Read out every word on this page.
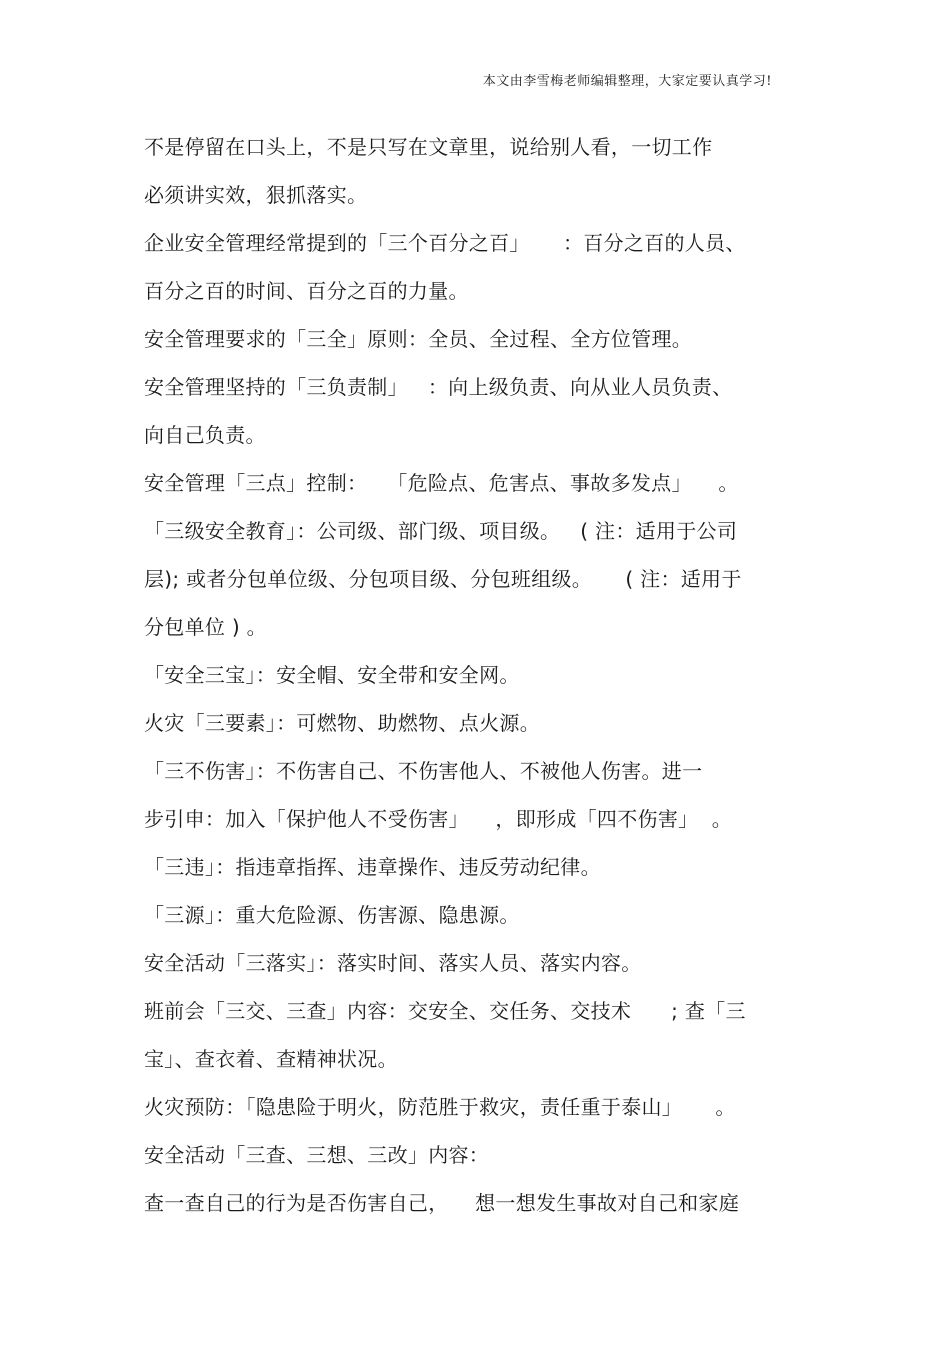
本文由李雪梅老师编辑整理，大家定要认真学习!
不是停留在口头上，不是只写在文章里，说给别人看，一切工作
必须讲实效，狠抓落实。
企业安全管理经常提到的「三个百分之百」     ：百分之百的人员、
百分之百的时间、百分之百的力量。
安全管理要求的「三全」原则：全员、全过程、全方位管理。
安全管理坚持的「三负责制」   ：向上级负责、向从业人员负责、
向自己负责。
安全管理「三点」控制：   「危险点、危害点、事故多发点」    。
「三级安全教育」：公司级、部门级、项目级。   ( 注：适用于公司
层); 或者分包单位级、分包项目级、分包班组级。     ( 注：适用于
分包单位 ) 。
「安全三宝」：安全帽、安全带和安全网。
火灾「三要素」：可燃物、助燃物、点火源。
「三不伤害」：不伤害自己、不伤害他人、不被他人伤害。进一
步引申：加入「保护他人不受伤害」    ，即形成「四不伤害」  。
「三违」：指违章指挥、违章操作、违反劳动纪律。
「三源」：重大危险源、伤害源、隐患源。
安全活动「三落实」：落实时间、落实人员、落实内容。
班前会「三交、三查」内容：交安全、交任务、交技术      ; 查「三
宝」、查衣着、查精神状况。
火灾预防：「隐患险于明火，防范胜于救灾，责任重于泰山」     。
安全活动「三查、三想、三改」内容：
查一查自己的行为是否伤害自己，    想一想发生事故对自己和家庭
